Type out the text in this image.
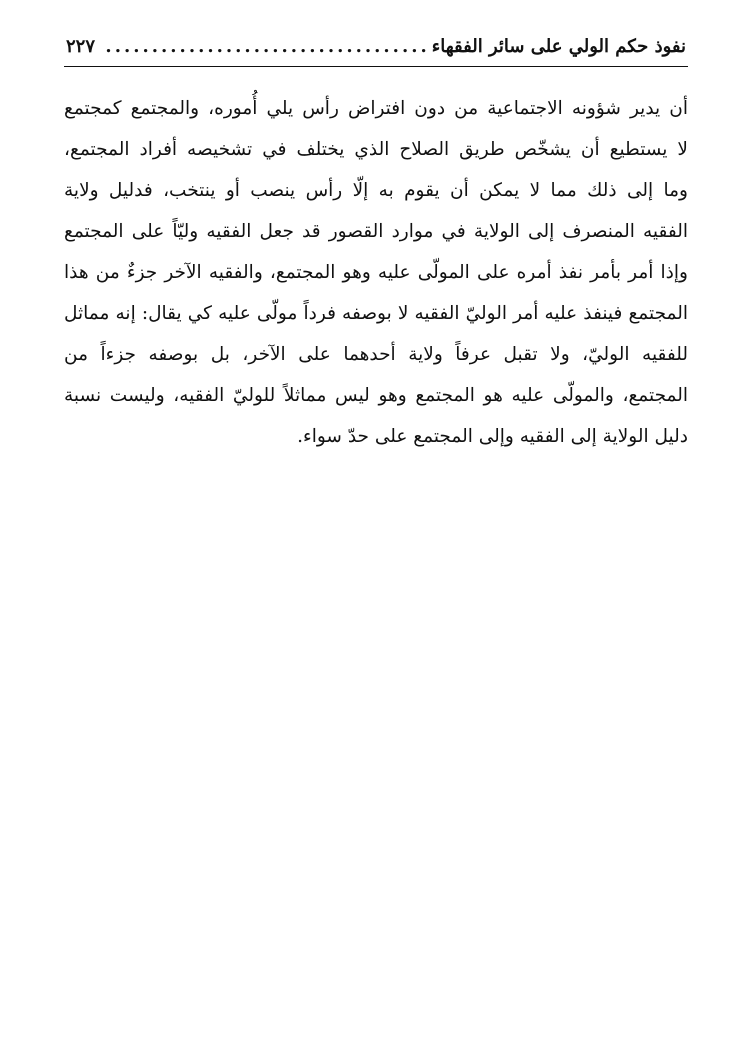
نفوذ حكم الولي على سائر الفقهاء
...................................
٢٢٧
أن يدير شؤونه الاجتماعية من دون افتراض رأس يلي أُموره، والمجتمع كمجتمع
لا يستطيع أن يشخّص طريق الصلاح الذي يختلف في تشخيصه أفراد المجتمع،
وما إلى ذلك مما لا يمكن أن يقوم به إلّا رأس ينصب أو ينتخب، فدليل ولاية
الفقيه المنصرف إلى الولاية في موارد القصور قد جعل الفقيه وليّاً على المجتمع
وإذا أمر بأمر نفذ أمره على المولّى عليه وهو المجتمع، والفقيه الآخر جزءٌ من هذا
المجتمع فينفذ عليه أمر الوليّ الفقيه لا بوصفه فرداً مولّى عليه كي يقال: إنه مماثل
للفقيه الوليّ، ولا تقبل عرفاً ولاية أحدهما على الآخر، بل بوصفه جزءاً من
المجتمع، والمولّى عليه هو المجتمع وهو ليس مماثلاً للوليّ الفقيه، وليست نسبة
دليل الولاية إلى الفقيه وإلى المجتمع على حدّ سواء.
